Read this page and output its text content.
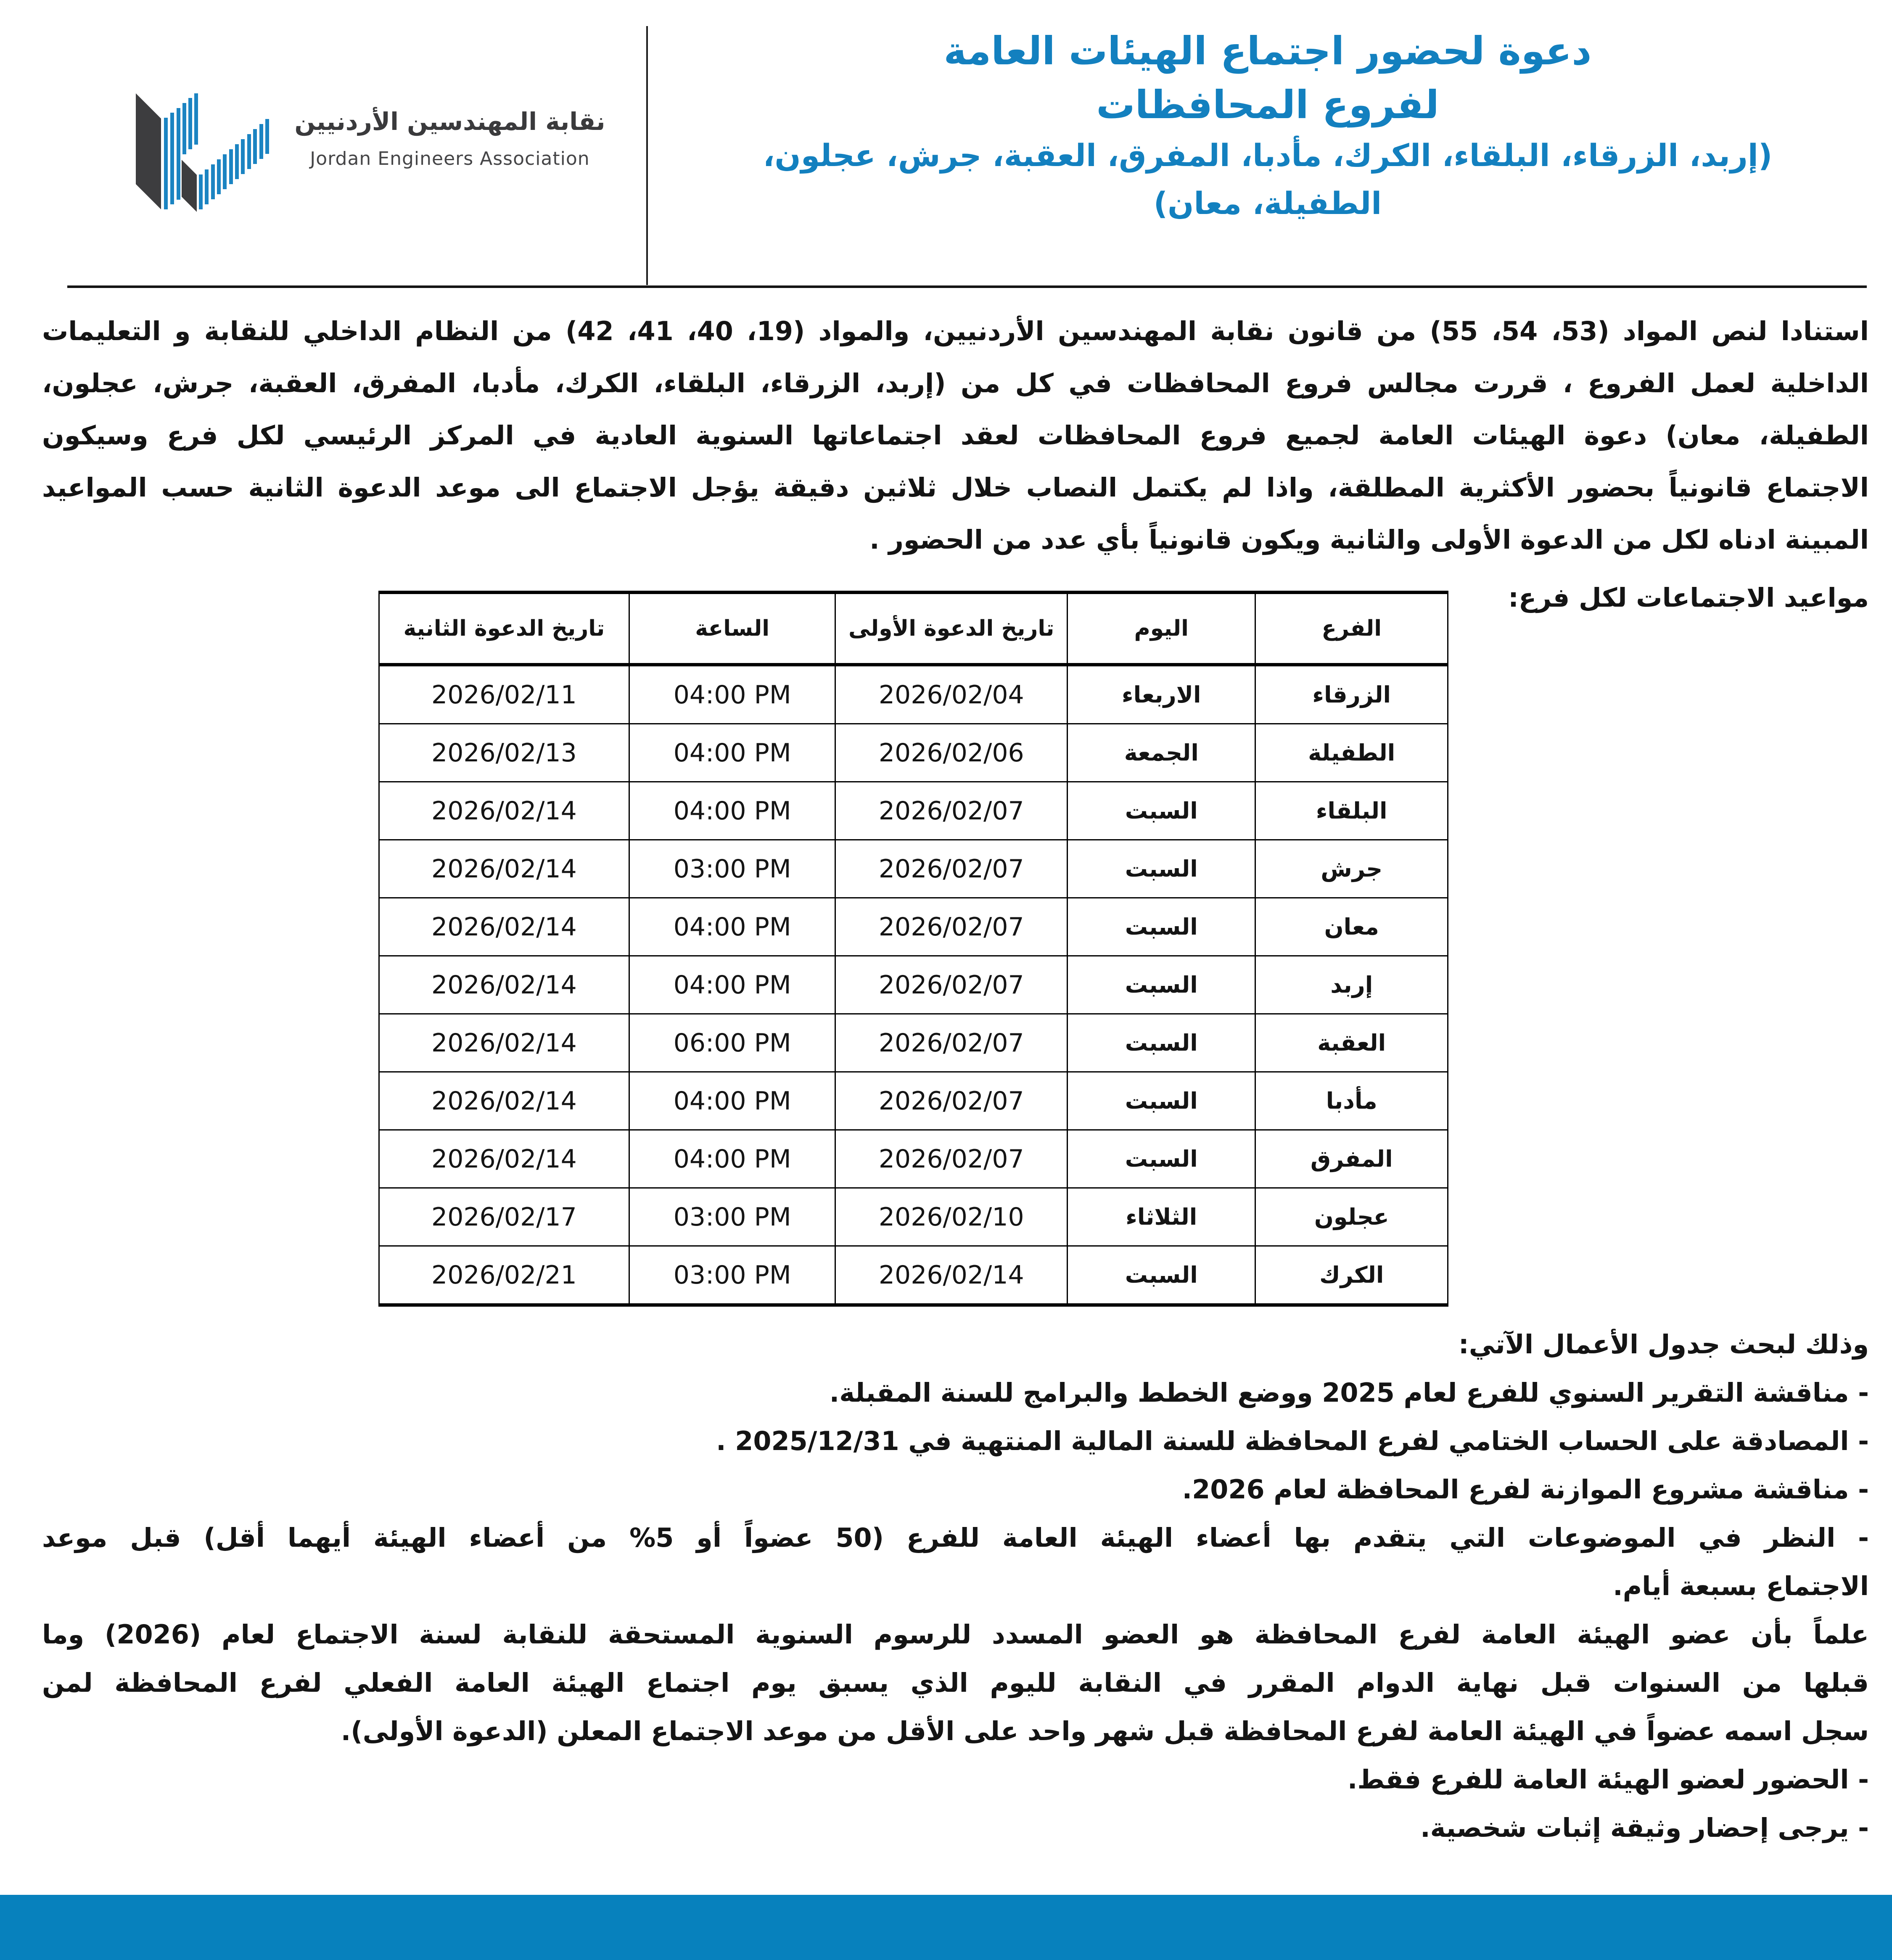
نقابة المهندسين الأردنيين
Jordan Engineers Association
دعوة لحضور اجتماع الهيئات العامة
لفروع المحافظات
(إربد، الزرقاء، البلقاء، الكرك، مأدبا، المفرق، العقبة، جرش، عجلون،
الطفيلة، معان)
استنادا لنص المواد (53، 54، 55) من قانون نقابة المهندسين الأردنيين، والمواد (19، 40، 41، 42) من النظام الداخلي للنقابة و التعليمات
الداخلية لعمل الفروع ، قررت مجالس فروع المحافظات في كل من (إربد، الزرقاء، البلقاء، الكرك، مأدبا، المفرق، العقبة، جرش، عجلون،
الطفيلة، معان) دعوة الهيئات العامة لجميع فروع المحافظات لعقد اجتماعاتها السنوية العادية في المركز الرئيسي لكل فرع وسيكون
الاجتماع قانونياً بحضور الأكثرية المطلقة، واذا لم يكتمل النصاب خلال ثلاثين دقيقة يؤجل الاجتماع الى موعد الدعوة الثانية حسب المواعيد
المبينة ادناه لكل من الدعوة الأولى والثانية ويكون قانونياً بأي عدد من الحضور .
مواعيد الاجتماعات لكل فرع:
الفرع	اليوم	تاريخ الدعوة الأولى	الساعة	تاريخ الدعوة الثانية
الزرقاء	الاربعاء	2026/02/04	04:00 PM	2026/02/11
الطفيلة	الجمعة	2026/02/06	04:00 PM	2026/02/13
البلقاء	السبت	2026/02/07	04:00 PM	2026/02/14
جرش	السبت	2026/02/07	03:00 PM	2026/02/14
معان	السبت	2026/02/07	04:00 PM	2026/02/14
إربد	السبت	2026/02/07	04:00 PM	2026/02/14
العقبة	السبت	2026/02/07	06:00 PM	2026/02/14
مأدبا	السبت	2026/02/07	04:00 PM	2026/02/14
المفرق	السبت	2026/02/07	04:00 PM	2026/02/14
عجلون	الثلاثاء	2026/02/10	03:00 PM	2026/02/17
الكرك	السبت	2026/02/14	03:00 PM	2026/02/21
وذلك لبحث جدول الأعمال الآتي:
- مناقشة التقرير السنوي للفرع لعام 2025 ووضع الخطط والبرامج للسنة المقبلة.
- المصادقة على الحساب الختامي لفرع المحافظة للسنة المالية المنتهية في 2025/12/31 .
- مناقشة مشروع الموازنة لفرع المحافظة لعام 2026.
- النظر في الموضوعات التي يتقدم بها أعضاء الهيئة العامة للفرع (50 عضواً أو 5% من أعضاء الهيئة أيهما أقل) قبل موعد
الاجتماع بسبعة أيام.
علماً بأن عضو الهيئة العامة لفرع المحافظة هو العضو المسدد للرسوم السنوية المستحقة للنقابة لسنة الاجتماع لعام (2026) وما
قبلها من السنوات قبل نهاية الدوام المقرر في النقابة لليوم الذي يسبق يوم اجتماع الهيئة العامة الفعلي لفرع المحافظة لمن
سجل اسمه عضواً في الهيئة العامة لفرع المحافظة قبل شهر واحد على الأقل من موعد الاجتماع المعلن (الدعوة الأولى).
- الحضور لعضو الهيئة العامة للفرع فقط.
- يرجى إحضار وثيقة إثبات شخصية.
